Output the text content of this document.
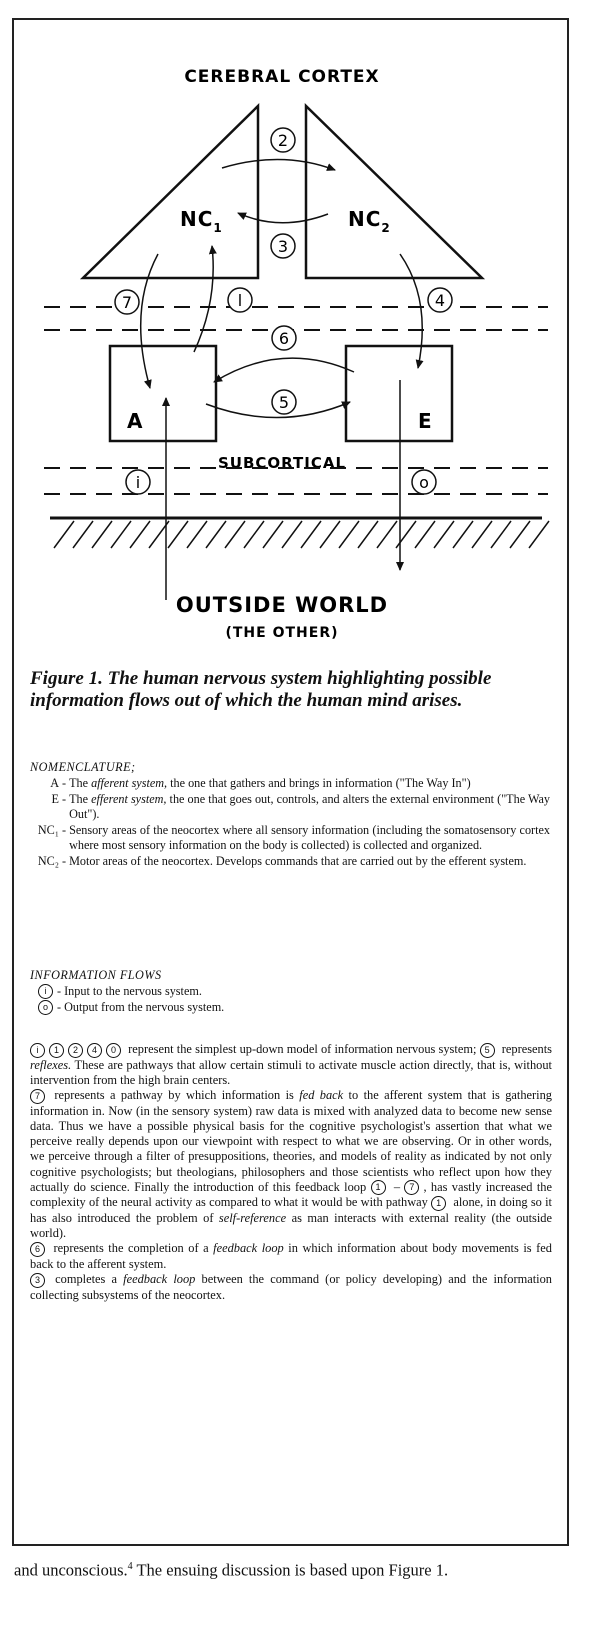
CEREBRAL CORTEX
$NC_1$	$NC_2$
A	E
SUBCORTICAL
2
3
7	l	4
6
5
i	o
OUTSIDE WORLD
(THE OTHER)
Figure 1. The human nervous system highlighting possible information flows out of which the human mind arises.
NOMENCLATURE;
A - The afferent system, the one that gathers and brings in information ("The Way In")
E - The efferent system, the one that goes out, controls, and alters the external environment ("The Way Out").
NC₁ - Sensory areas of the neocortex where all sensory information (including the somatosensory cortex where most sensory information on the body is collected) is collected and organized.
NC₂ - Motor areas of the neocortex. Develops commands that are carried out by the efferent system.
INFORMATION FLOWS
i - Input to the nervous system.
o - Output from the nervous system.

i 1 2 4 0 represent the simplest up-down model of information nervous system; 5 represents reflexes. These are pathways that allow certain stimuli to activate muscle action directly, that is, without intervention from the high brain centers.

7 represents a pathway by which information is fed back to the afferent system that is gathering information in. Now (in the sensory system) raw data is mixed with analyzed data to become new sense data. Thus we have a possible physical basis for the cognitive psychologist's assertion that what we perceive really depends upon our viewpoint with respect to what we are observing. Or in other words, we perceive through a filter of presuppositions, theories, and models of reality as indicated by not only cognitive psychologists; but theologians, philosophers and those scientists who reflect upon how they actually do science. Finally the introduction of this feedback loop 1 – 7 , has vastly increased the complexity of the neural activity as compared to what it would be with pathway 1 alone, in doing so it has also introduced the problem of self-reference as man interacts with external reality (the outside world).

6 represents the completion of a feedback loop in which information about body movements is fed back to the afferent system.

3 completes a feedback loop between the command (or policy developing) and the information collecting subsystems of the neocortex.

and unconscious.$^4$ The ensuing discussion is based upon Figure 1.
